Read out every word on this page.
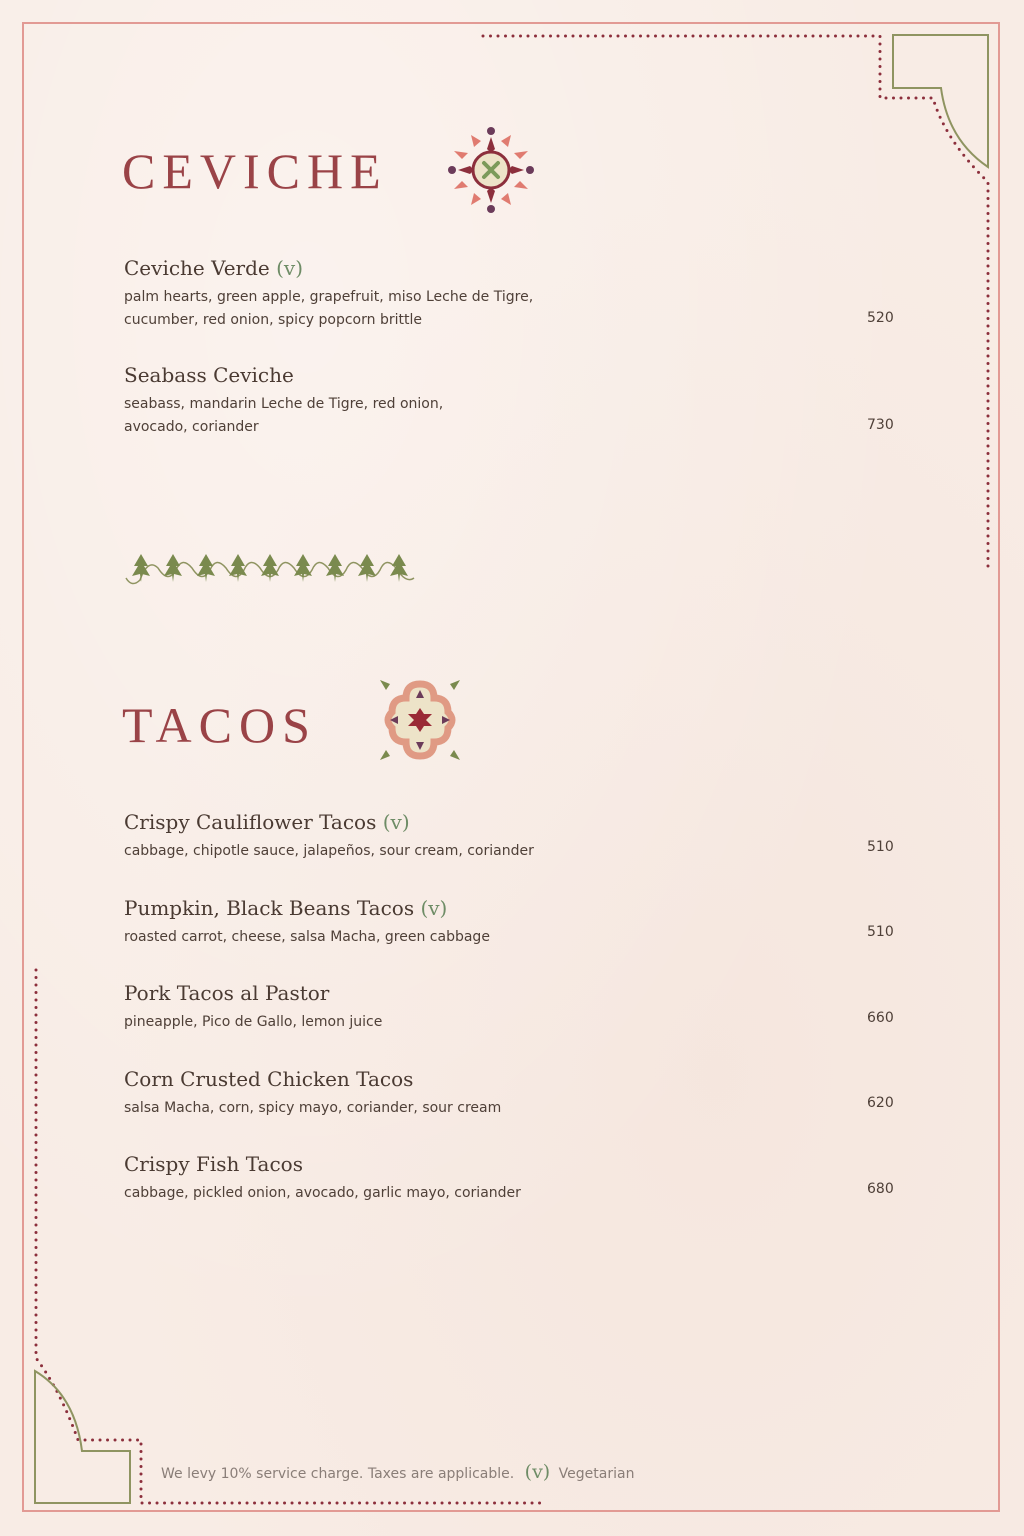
CEVICHE
Ceviche Verde (v)
palm hearts, green apple, grapefruit, miso Leche de Tigre,
cucumber, red onion, spicy popcorn brittle	520
Seabass Ceviche
seabass, mandarin Leche de Tigre, red onion,
avocado, coriander	730
TACOS
Crispy Cauliflower Tacos (v)
cabbage, chipotle sauce, jalapeños, sour cream, coriander	510
Pumpkin, Black Beans Tacos (v)
roasted carrot, cheese, salsa Macha, green cabbage	510
Pork Tacos al Pastor
pineapple, Pico de Gallo, lemon juice	660
Corn Crusted Chicken Tacos
salsa Macha, corn, spicy mayo, coriander, sour cream	620
Crispy Fish Tacos
cabbage, pickled onion, avocado, garlic mayo, coriander	680
We levy 10% service charge. Taxes are applicable. (v) Vegetarian
